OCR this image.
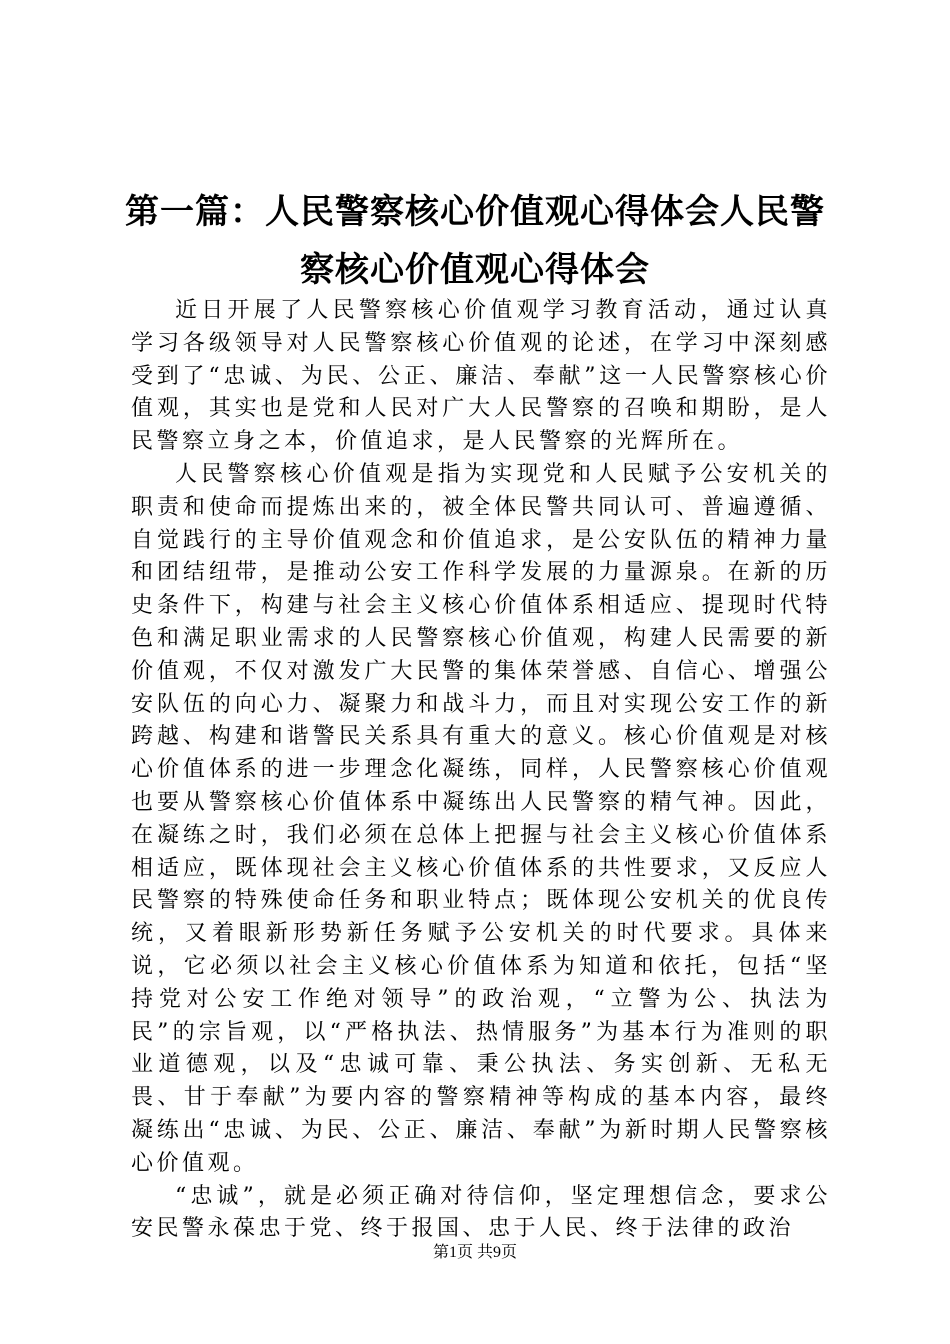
第一篇：人民警察核心价值观心得体会人民警察核心价值观心得体会

近日开展了人民警察核心价值观学习教育活动，通过认真学习各级领导对人民警察核心价值观的论述，在学习中深刻感受到了“忠诚、为民、公正、廉洁、奉献”这一人民警察核心价值观，其实也是党和人民对广大人民警察的召唤和期盼，是人民警察立身之本，价值追求，是人民警察的光辉所在。

人民警察核心价值观是指为实现党和人民赋予公安机关的职责和使命而提炼出来的，被全体民警共同认可、普遍遵循、自觉践行的主导价值观念和价值追求，是公安队伍的精神力量和团结纽带，是推动公安工作科学发展的力量源泉。在新的历史条件下，构建与社会主义核心价值体系相适应、提现时代特色和满足职业需求的人民警察核心价值观，构建人民需要的新价值观，不仅对激发广大民警的集体荣誉感、自信心、增强公安队伍的向心力、凝聚力和战斗力，而且对实现公安工作的新跨越、构建和谐警民关系具有重大的意义。核心价值观是对核心价值体系的进一步理念化凝练，同样，人民警察核心价值观也要从警察核心价值体系中凝练出人民警察的精气神。因此，在凝练之时，我们必须在总体上把握与社会主义核心价值体系相适应，既体现社会主义核心价值体系的共性要求，又反应人民警察的特殊使命任务和职业特点；既体现公安机关的优良传统，又着眼新形势新任务赋予公安机关的时代要求。具体来说，它必须以社会主义核心价值体系为知道和依托，包括“坚持党对公安工作绝对领导”的政治观，“立警为公、执法为民”的宗旨观，以“严格执法、热情服务”为基本行为准则的职业道德观，以及“忠诚可靠、秉公执法、务实创新、无私无畏、甘于奉献”为要内容的警察精神等构成的基本内容，最终凝练出“忠诚、为民、公正、廉洁、奉献”为新时期人民警察核心价值观。

“忠诚”，就是必须正确对待信仰，坚定理想信念，要求公安民警永葆忠于党、终于报国、忠于人民、终于法律的政治

第1页 共9页
